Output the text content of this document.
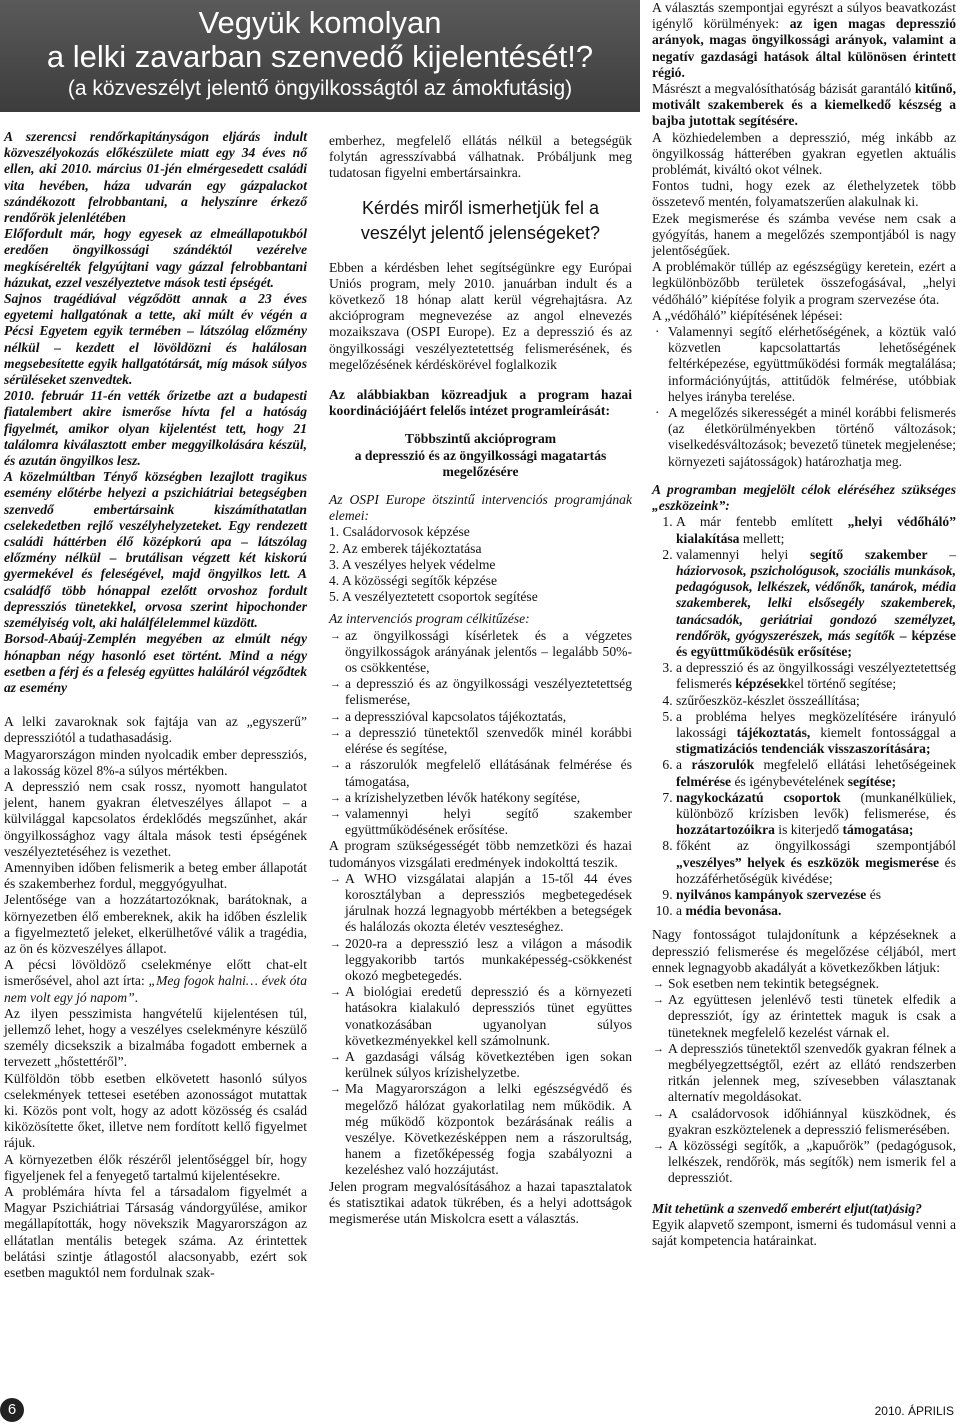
Vegyük komolyan
a lelki zavarban szenvedő kijelentését!?
(a közveszélyt jelentő öngyilkosságtól az ámokfutásig)

A szerencsi rendőrkapitányságon eljárás indult közveszélyokozás előkészülete miatt egy 34 éves nő ellen, aki 2010. március 01-jén elmérgesedett családi vita hevében, háza udvarán egy gázpalackot szándékozott felrobbantani, a helyszínre érkező rendőrök jelenlétében

Előfordult már, hogy egyesek az elmeállapotukból eredően öngyilkossági szándéktól vezérelve megkísérelték felgyújtani vagy gázzal felrobbantani házukat, ezzel veszélyeztetve mások testi épségét.

Sajnos tragédiával végződött annak a 23 éves egyetemi hallgatónak a tette, aki múlt év végén a Pécsi Egyetem egyik termében – látszólag előzmény nélkül – kezdett el lövöldözni és halálosan megsebesítette egyik hallgatótársát, míg mások súlyos sérüléseket szenvedtek.

2010. február 11-én vették őrizetbe azt a budapesti fiatalembert akire ismerőse hívta fel a hatóság figyelmét, amikor olyan kijelentést tett, hogy 21 találomra kiválasztott ember meggyilkolására készül, és azután öngyilkos lesz.

A közelmúltban Tényő községben lezajlott tragikus esemény előtérbe helyezi a pszichiátriai betegségben szenvedő embertársaink kiszámíthatatlan cselekedetben rejlő veszélyhelyzeteket. Egy rendezett családi háttérben élő középkorú apa – látszólag előzmény nélkül – brutálisan végzett két kiskorú gyermekével és feleségével, majd öngyilkos lett. A családfő több hónappal ezelőtt orvoshoz fordult depressziós tünetekkel, orvosa szerint hipochonder személyiség volt, aki halálfélelemmel küzdött.

Borsod-Abaúj-Zemplén megyében az elmúlt négy hónapban négy hasonló eset történt. Mind a négy esetben a férj és a feleség együttes haláláról végződtek az esemény

A lelki zavaroknak sok fajtája van az „egyszerű” depressziótól a tudathasadásig.

Magyarországon minden nyolcadik ember depressziós, a lakosság közel 8%-a súlyos mértékben.

A depresszió nem csak rossz, nyomott hangulatot jelent, hanem gyakran életveszélyes állapot – a külvilággal kapcsolatos érdeklődés megszűnhet, akár öngyilkossághoz vagy általa mások testi épségének veszélyeztetéséhez is vezethet.

Amennyiben időben felismerik a beteg ember állapotát és szakemberhez fordul, meggyógyulhat.

Jelentősége van a hozzátartozóknak, barátoknak, a környezetben élő embereknek, akik ha időben észlelik a figyelmeztető jeleket, elkerülhetővé válik a tragédia, az ön és közveszélyes állapot.

A pécsi lövöldöző cselekménye előtt chat-elt ismerősével, ahol azt írta: „Meg fogok halni… évek óta nem volt egy jó napom”.

Az ilyen pesszimista hangvételű kijelentésen túl, jellemző lehet, hogy a veszélyes cselekményre készülő személy dicsekszik a bizalmába fogadott embernek a tervezett „hőstettéről”.

Külföldön több esetben elkövetett hasonló súlyos cselekmények tettesei esetében azonosságot mutattak ki. Közös pont volt, hogy az adott közösség és család kiközösítette őket, illetve nem fordított kellő figyelmet rájuk.

A környezetben élők részéről jelentőséggel bír, hogy figyeljenek fel a fenyegető tartalmú kijelentésekre.

A problémára hívta fel a társadalom figyelmét a Magyar Pszichiátriai Társaság vándorgyűlése, amikor megállapították, hogy növekszik Magyarországon az ellátatlan mentális betegek száma. Az érintettek belátási szintje átlagostól alacsonyabb, ezért sok esetben maguktól nem fordulnak szak-

emberhez, megfelelő ellátás nélkül a betegségük folytán agresszívabbá válhatnak. Próbáljunk meg tudatosan figyelni embertársainkra.

Kérdés miről ismerhetjük fel a veszélyt jelentő jelenségeket?

Ebben a kérdésben lehet segítségünkre egy Európai Uniós program, mely 2010. januárban indult és a következő 18 hónap alatt kerül végrehajtásra. Az akcióprogram megnevezése az angol elnevezés mozaikszava (OSPI Europe). Ez a depresszió és az öngyilkossági veszélyeztetettség felismerésének, és megelőzésének kérdéskörével foglalkozik

Az alábbiakban közreadjuk a program hazai koordinációjáért felelős intézet programleírását:

Többszintű akcióprogram

a depresszió és az öngyilkossági magatartás megelőzésére

Az OSPI Europe ötszintű intervenciós programjának elemei:

1. Családorvosok képzése

2. Az emberek tájékoztatása

3. A veszélyes helyek védelme

4. A közösségi segítők képzése

5. A veszélyeztetett csoportok segítése

Az intervenciós program célkitűzése:

→ az öngyilkossági kísérletek és a végzetes öngyilkosságok arányának jelentős – legalább 50%-os csökkentése,
→ a depresszió és az öngyilkossági veszélyeztetettség felismerése,
→ a depresszióval kapcsolatos tájékoztatás,
→ a depresszió tünetektől szenvedők minél korábbi elérése és segítése,
→ a rászorulók megfelelő ellátásának felmérése és támogatása,
→ a krízishelyzetben lévők hatékony segítése,
→ valamennyi helyi segítő szakember együttműködésének erősítése.

A program szükségességét több nemzetközi és hazai tudományos vizsgálati eredmények indokolttá teszik.

→ A WHO vizsgálatai alapján a 15-től 44 éves korosztályban a depressziós megbetegedések járulnak hozzá legnagyobb mértékben a betegségek és halálozás okozta életév veszteséghez.
→ 2020-ra a depresszió lesz a világon a második leggyakoribb tartós munkaképesség-csökkenést okozó megbetegedés.
→ A biológiai eredetű depresszió és a környezeti hatásokra kialakuló depressziós tünet együttes vonatkozásában ugyanolyan súlyos következményekkel kell számolnunk.
→ A gazdasági válság következtében igen sokan kerülnek súlyos krízishelyzetbe.
→ Ma Magyarországon a lelki egészségvédő és megelőző hálózat gyakorlatilag nem működik. A még működő központok bezárásának reális a veszélye. Következésképpen nem a rászorultság, hanem a fizetőképesség fogja szabályozni a kezeléshez való hozzájutást.

Jelen program megvalósításához a hazai tapasztalatok és statisztikai adatok tükrében, és a helyi adottságok megismerése után Miskolcra esett a választás.

A választás szempontjai egyrészt a súlyos beavatkozást igénylő körülmények: az igen magas depresszió arányok, magas öngyilkossági arányok, valamint a negatív gazdasági hatások által különösen érintett régió.

Másrészt a megvalósíthatóság bázisát garantáló kitűnő, motivált szakemberek és a kiemelkedő készség a bajba jutottak segítésére.

A közhiedelemben a depresszió, még inkább az öngyilkosság hátterében gyakran egyetlen aktuális problémát, kiváltó okot vélnek.

Fontos tudni, hogy ezek az élethelyzetek több összetevő mentén, folyamatszerűen alakulnak ki.

Ezek megismerése és számba vevése nem csak a gyógyítás, hanem a megelőzés szempontjából is nagy jelentőségűek.

A problémakör túllép az egészségügy keretein, ezért a legkülönbözőbb területek összefogásával, „helyi védőháló” kiépítése folyik a program szervezése óta.

A „védőháló” kiépítésének lépései:

· Valamennyi segítő elérhetőségének, a köztük való közvetlen kapcsolattartás lehetőségének feltérképezése, együttműködési formák megtalálása; információnyújtás, attitűdök felmérése, utóbbiak helyes irányba terelése.
· A megelőzés sikerességét a minél korábbi felismerés (az életkörülményekben történő változások; viselkedésváltozások; bevezető tünetek megjelenése; környezeti sajátosságok) határozhatja meg.

A programban megjelölt célok eléréséhez szükséges „eszközeink”:

1. A már fentebb említett „helyi védőháló” kialakítása mellett;
2. valamennyi helyi segítő szakember – háziorvosok, pszichológusok, szociális munkások, pedagógusok, lelkészek, védőnők, tanárok, média szakemberek, lelki elsősegély szakemberek, tanácsadók, geriátriai gondozó személyzet, rendőrök, gyógyszerészek, más segítők – képzése és együttműködésük erősítése;
3. a depresszió és az öngyilkossági veszélyeztetettség felismerés képzésekkel történő segítése;
4. szűrőeszköz-készlet összeállítása;
5. a probléma helyes megközelítésére irányuló lakossági tájékoztatás, kiemelt fontossággal a stigmatizációs tendenciák visszaszorítására;
6. a rászorulók megfelelő ellátási lehetőségeinek felmérése és igénybevételének segítése;
7. nagykockázatú csoportok (munkanélküliek, különböző krízisben levők) felismerése, és hozzátartozóikra is kiterjedő támogatása;
8. főként az öngyilkossági szempontjából „veszélyes” helyek és eszközök megismerése és hozzáférhetőségük kivédése;
9. nyilvános kampányok szervezése és
10. a média bevonása.

Nagy fontosságot tulajdonítunk a képzéseknek a depresszió felismerése és megelőzése céljából, mert ennek legnagyobb akadályát a következőkben látjuk:

→ Sok esetben nem tekintik betegségnek.
→ Az együttesen jelenlévő testi tünetek elfedik a depressziót, így az érintettek maguk is csak a tüneteknek megfelelő kezelést várnak el.
→ A depressziós tünetektől szenvedők gyakran félnek a megbélyegzettségtől, ezért az ellátó rendszerben ritkán jelennek meg, szívesebben választanak alternatív megoldásokat.
→ A családorvosok időhiánnyal küszködnek, és gyakran eszköztelenek a depresszió felismerésében.
→ A közösségi segítők, a „kapuőrök” (pedagógusok, lelkészek, rendőrök, más segítők) nem ismerik fel a depressziót.

Mit tehetünk a szenvedő emberért eljut(tat)ásig?

Egyik alapvető szempont, ismerni és tudomásul venni a saját kompetencia határainkat.

6	2010. ÁPRILIS
